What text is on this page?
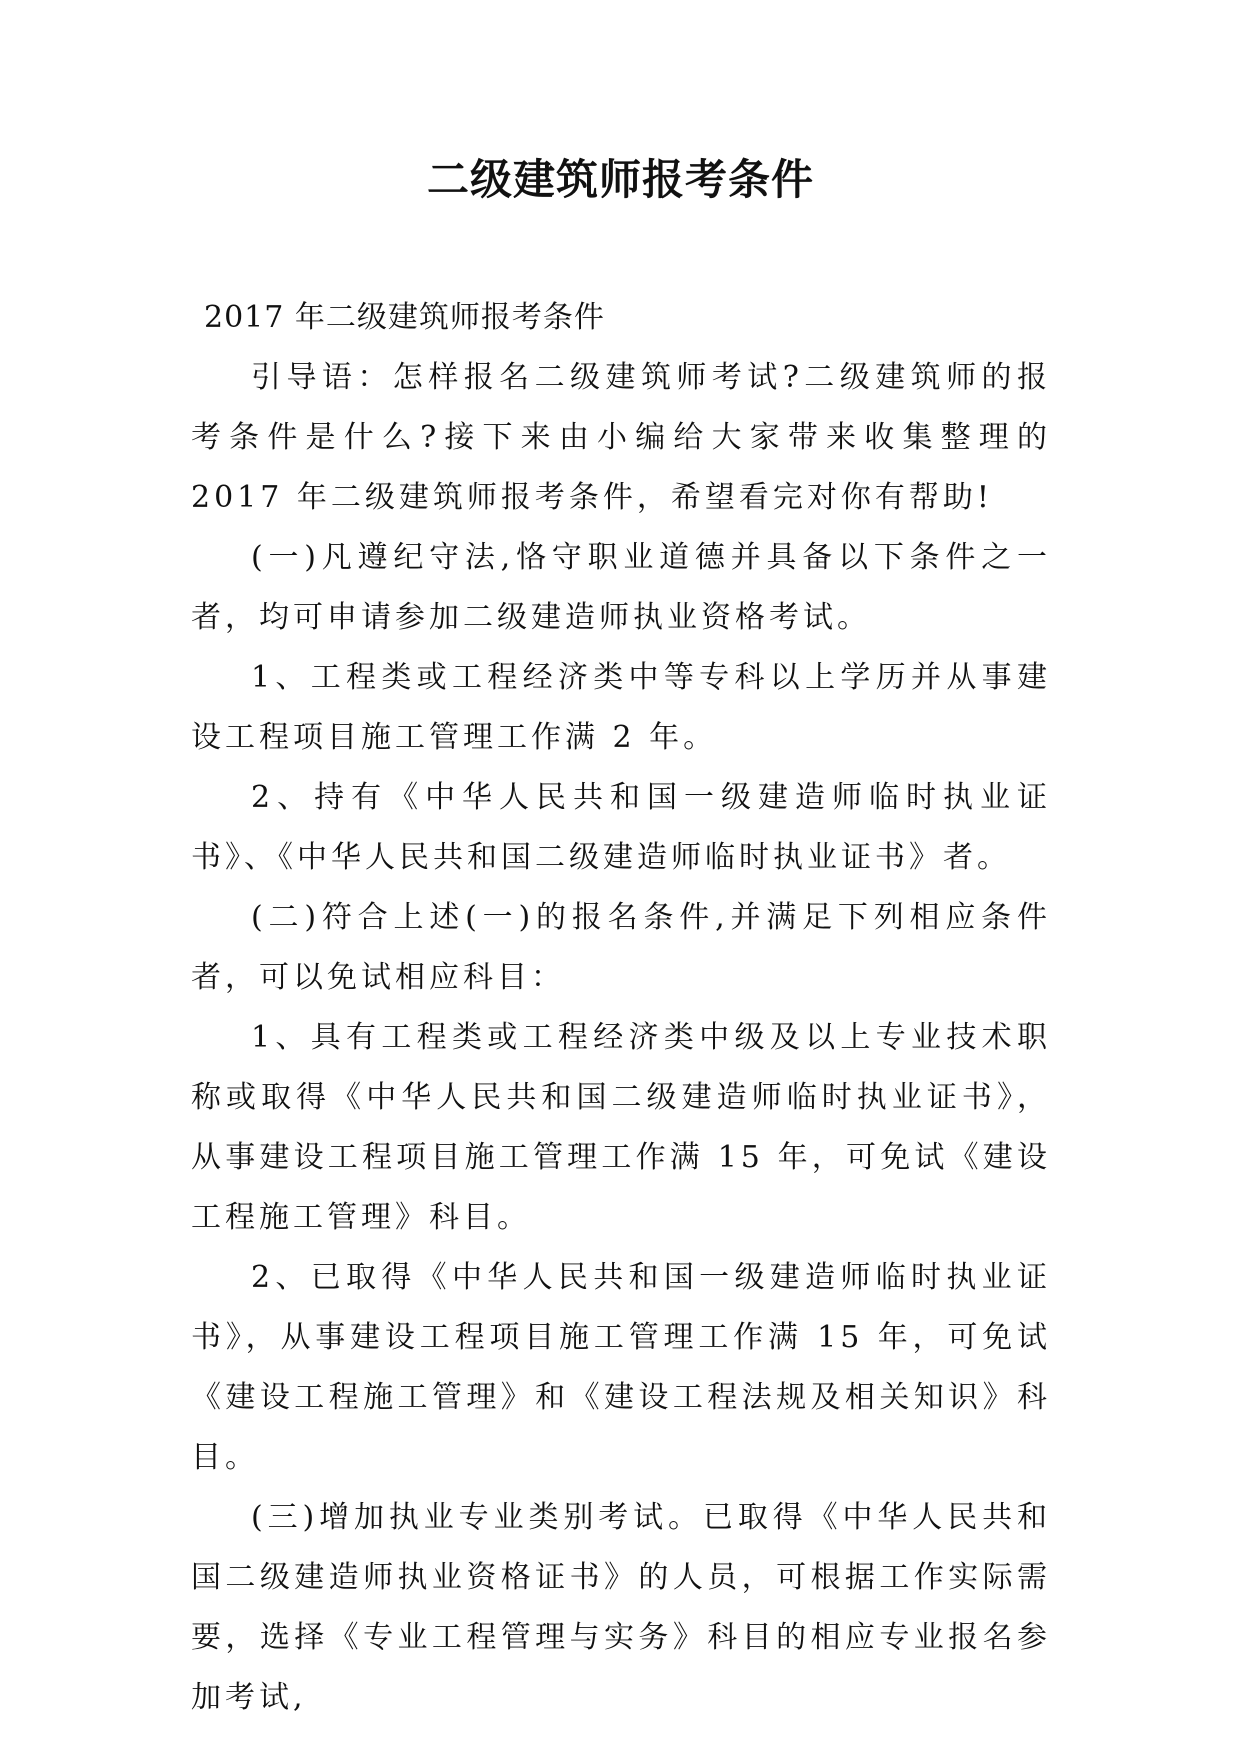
二级建筑师报考条件

2017 年二级建筑师报考条件

引导语：怎样报名二级建筑师考试?二级建筑师的报考条件是什么?接下来由小编给大家带来收集整理的 2017 年二级建筑师报考条件，希望看完对你有帮助!

(一)凡遵纪守法,恪守职业道德并具备以下条件之一者，均可申请参加二级建造师执业资格考试。

1、工程类或工程经济类中等专科以上学历并从事建设工程项目施工管理工作满 2 年。

2、持有《中华人民共和国一级建造师临时执业证书》、《中华人民共和国二级建造师临时执业证书》者。

(二)符合上述(一)的报名条件,并满足下列相应条件者，可以免试相应科目：

1、具有工程类或工程经济类中级及以上专业技术职称或取得《中华人民共和国二级建造师临时执业证书》，从事建设工程项目施工管理工作满 15 年，可免试《建设工程施工管理》科目。

2、已取得《中华人民共和国一级建造师临时执业证书》，从事建设工程项目施工管理工作满 15 年，可免试《建设工程施工管理》和《建设工程法规及相关知识》科目。

(三)增加执业专业类别考试。已取得《中华人民共和国二级建造师执业资格证书》的人员，可根据工作实际需要，选择《专业工程管理与实务》科目的相应专业报名参加考试,
